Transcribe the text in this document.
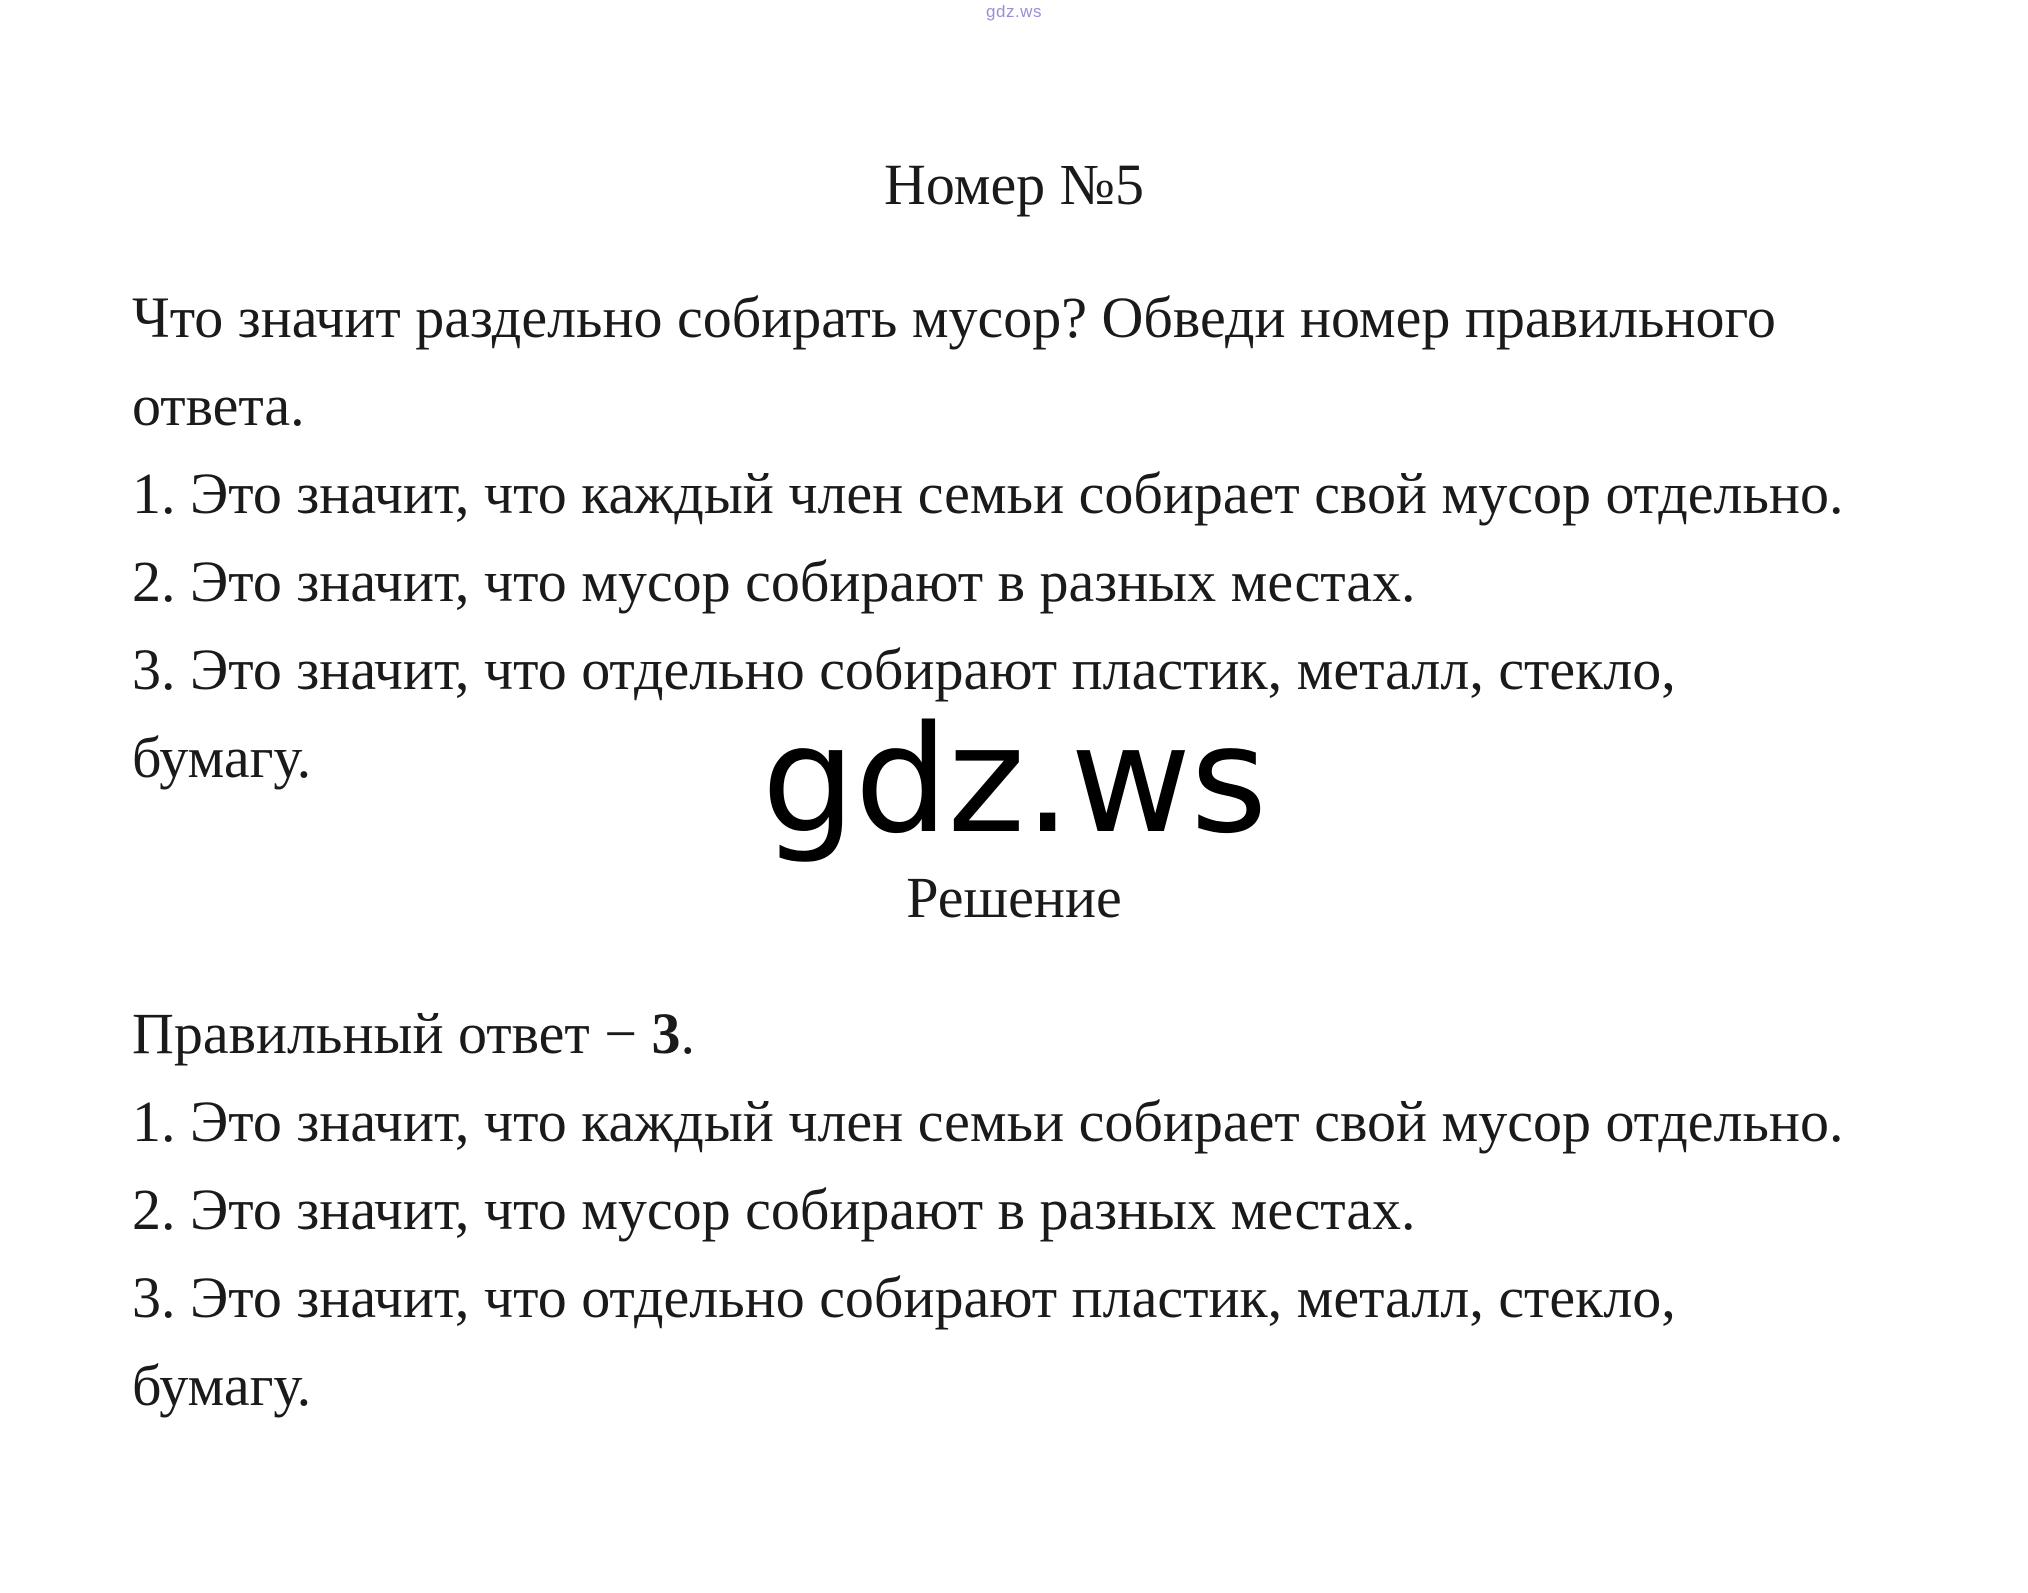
gdz.ws
Номер №5
Что значит раздельно собирать мусор? Обведи номер правильного
ответа.
1. Это значит, что каждый член семьи собирает свой мусор отдельно.
2. Это значит, что мусор собирают в разных местах.
3. Это значит, что отдельно собирают пластик, металл, стекло,
бумагу.	gdz.ws
Решение
Правильный ответ − 3.
1. Это значит, что каждый член семьи собирает свой мусор отдельно.
2. Это значит, что мусор собирают в разных местах.
3. Это значит, что отдельно собирают пластик, металл, стекло,
бумагу.
